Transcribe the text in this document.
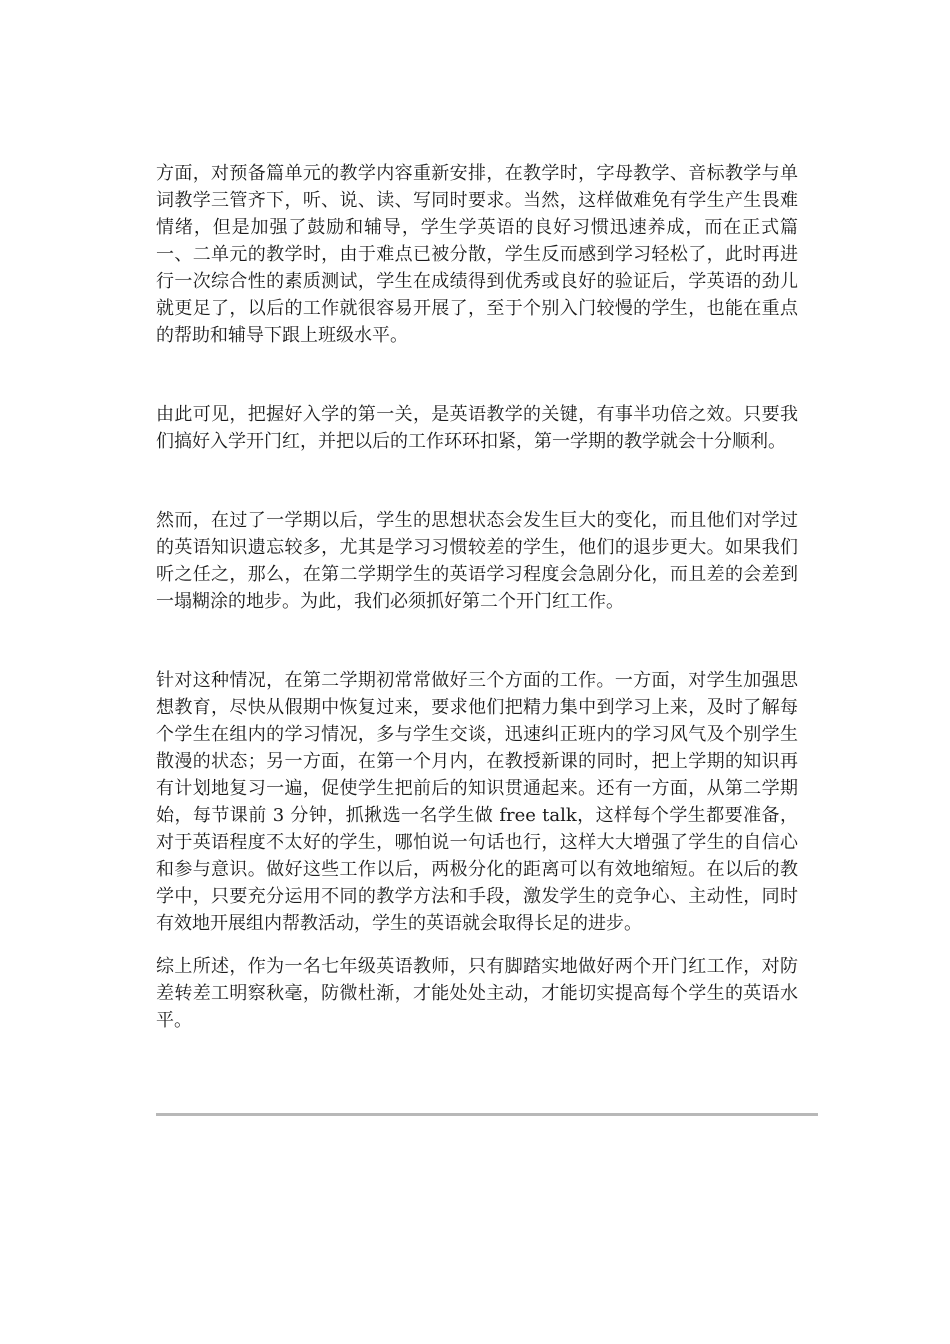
方面，对预备篇单元的教学内容重新安排，在教学时，字母教学、音标教学与单词教学三管齐下，听、说、读、写同时要求。当然，这样做难免有学生产生畏难情绪，但是加强了鼓励和辅导，学生学英语的良好习惯迅速养成，而在正式篇一、二单元的教学时，由于难点已被分散，学生反而感到学习轻松了，此时再进行一次综合性的素质测试，学生在成绩得到优秀或良好的验证后，学英语的劲儿就更足了，以后的工作就很容易开展了，至于个别入门较慢的学生，也能在重点的帮助和辅导下跟上班级水平。

由此可见，把握好入学的第一关，是英语教学的关键，有事半功倍之效。只要我们搞好入学开门红，并把以后的工作环环扣紧，第一学期的教学就会十分顺利。

然而，在过了一学期以后，学生的思想状态会发生巨大的变化，而且他们对学过的英语知识遗忘较多，尤其是学习习惯较差的学生，他们的退步更大。如果我们听之任之，那么，在第二学期学生的英语学习程度会急剧分化，而且差的会差到一塌糊涂的地步。为此，我们必须抓好第二个开门红工作。

针对这种情况，在第二学期初常常做好三个方面的工作。一方面，对学生加强思想教育，尽快从假期中恢复过来，要求他们把精力集中到学习上来，及时了解每个学生在组内的学习情况，多与学生交谈，迅速纠正班内的学习风气及个别学生散漫的状态；另一方面，在第一个月内，在教授新课的同时，把上学期的知识再有计划地复习一遍，促使学生把前后的知识贯通起来。还有一方面，从第二学期始，每节课前 3 分钟，抓揪选一名学生做 free talk，这样每个学生都要准备，对于英语程度不太好的学生，哪怕说一句话也行，这样大大增强了学生的自信心和参与意识。做好这些工作以后，两极分化的距离可以有效地缩短。在以后的教学中，只要充分运用不同的教学方法和手段，激发学生的竞争心、主动性，同时有效地开展组内帮教活动，学生的英语就会取得长足的进步。

综上所述，作为一名七年级英语教师，只有脚踏实地做好两个开门红工作，对防差转差工明察秋毫，防微杜渐，才能处处主动，才能切实提高每个学生的英语水平。
